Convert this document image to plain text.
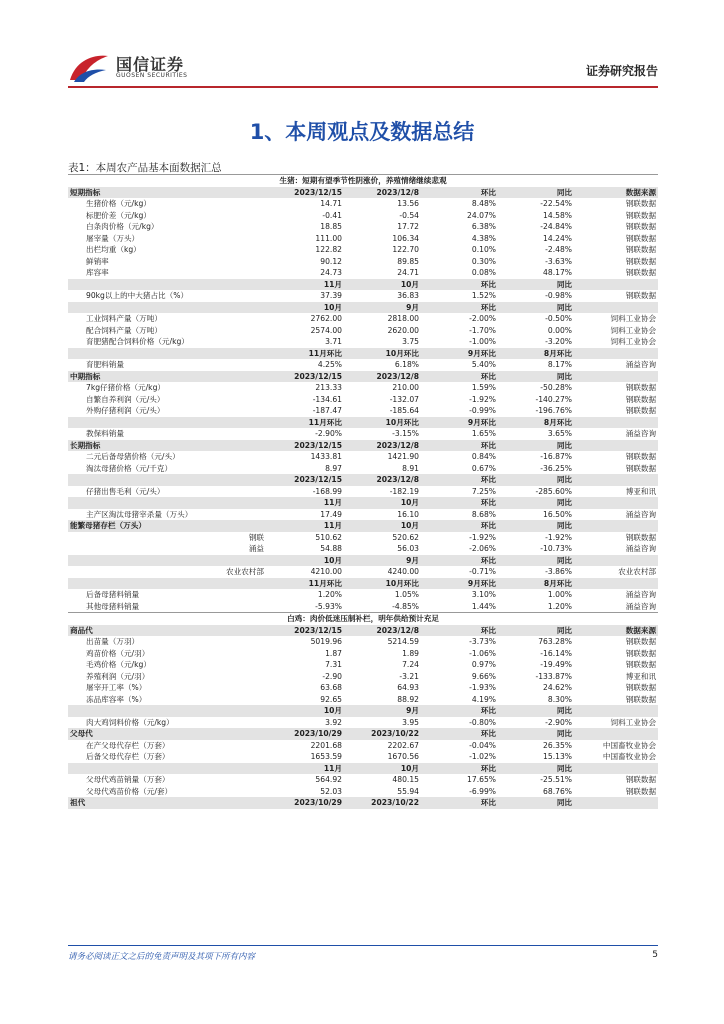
国信证券
GUOSEN SECURITIES	证券研究报告
1、本周观点及数据总结
表1：本周农产品基本面数据汇总
生猪：短期有望季节性阴涨价，养殖情绪继续悲观					
短期指标	2023/12/15	2023/12/8	环比	同比	数据来源
生猪价格（元/kg）	14.71	13.56	8.48%	-22.54%	钢联数据
标肥价差（元/kg）	-0.41	-0.54	24.07%	14.58%	钢联数据
白条肉价格（元/kg）	18.85	17.72	6.38%	-24.84%	钢联数据
屠宰量（万头）	111.00	106.34	4.38%	14.24%	钢联数据
出栏均重（kg）	122.82	122.70	0.10%	-2.48%	钢联数据
鲜销率	90.12	89.85	0.30%	-3.63%	钢联数据
库容率	24.73	24.71	0.08%	48.17%	钢联数据
	11月	10月	环比	同比	
90kg以上的中大猪占比（%）	37.39	36.83	1.52%	-0.98%	钢联数据
	10月	9月	环比	同比	
工业饲料产量（万吨）	2762.00	2818.00	-2.00%	-0.50%	饲料工业协会
配合饲料产量（万吨）	2574.00	2620.00	-1.70%	0.00%	饲料工业协会
育肥猪配合饲料价格（元/kg）	3.71	3.75	-1.00%	-3.20%	饲料工业协会
	11月环比	10月环比	9月环比	8月环比	
育肥料销量	4.25%	6.18%	5.40%	8.17%	涌益咨询
中期指标	2023/12/15	2023/12/8	环比	同比	
7kg仔猪价格（元/kg）	213.33	210.00	1.59%	-50.28%	钢联数据
自繁自养利润（元/头）	-134.61	-132.07	-1.92%	-140.27%	钢联数据
外购仔猪利润（元/头）	-187.47	-185.64	-0.99%	-196.76%	钢联数据
	11月环比	10月环比	9月环比	8月环比	
教保料销量	-2.90%	-3.15%	1.65%	3.65%	涌益咨询
长期指标	2023/12/15	2023/12/8	环比	同比	
二元后备母猪价格（元/头）	1433.81	1421.90	0.84%	-16.87%	钢联数据
淘汰母猪价格（元/千克）	8.97	8.91	0.67%	-36.25%	钢联数据
	2023/12/15	2023/12/8	环比	同比	
仔猪出售毛利（元/头）	-168.99	-182.19	7.25%	-285.60%	博亚和讯
	11月	10月	环比	同比	
主产区淘汰母猪宰杀量（万头）	17.49	16.10	8.68%	16.50%	涌益咨询
能繁母猪存栏（万头）	11月	10月	环比	同比	
钢联	510.62	520.62	-1.92%	-1.92%	钢联数据
涌益	54.88	56.03	-2.06%	-10.73%	涌益咨询
	10月	9月	环比	同比	
农业农村部	4210.00	4240.00	-0.71%	-3.86%	农业农村部
	11月环比	10月环比	9月环比	8月环比	
后备母猪料销量	1.20%	1.05%	3.10%	1.00%	涌益咨询
其他母猪料销量	-5.93%	-4.85%	1.44%	1.20%	涌益咨询
白鸡：肉价低迷压制补栏，明年供给预计充足					
商品代	2023/12/15	2023/12/8	环比	同比	数据来源
出苗量（万羽）	5019.96	5214.59	-3.73%	763.28%	钢联数据
鸡苗价格（元/羽）	1.87	1.89	-1.06%	-16.14%	钢联数据
毛鸡价格（元/kg）	7.31	7.24	0.97%	-19.49%	钢联数据
养殖利润（元/羽）	-2.90	-3.21	9.66%	-133.87%	博亚和讯
屠宰开工率（%）	63.68	64.93	-1.93%	24.62%	钢联数据
冻品库容率（%）	92.65	88.92	4.19%	8.30%	钢联数据
	10月	9月	环比	同比	
肉大鸡饲料价格（元/kg）	3.92	3.95	-0.80%	-2.90%	饲料工业协会
父母代	2023/10/29	2023/10/22	环比	同比	
在产父母代存栏（万套）	2201.68	2202.67	-0.04%	26.35%	中国畜牧业协会
后备父母代存栏（万套）	1653.59	1670.56	-1.02%	15.13%	中国畜牧业协会
	11月	10月	环比	同比	
父母代鸡苗销量（万套）	564.92	480.15	17.65%	-25.51%	钢联数据
父母代鸡苗价格（元/套）	52.03	55.94	-6.99%	68.76%	钢联数据
祖代	2023/10/29	2023/10/22	环比	同比	
请务必阅读正文之后的免责声明及其项下所有内容	5
